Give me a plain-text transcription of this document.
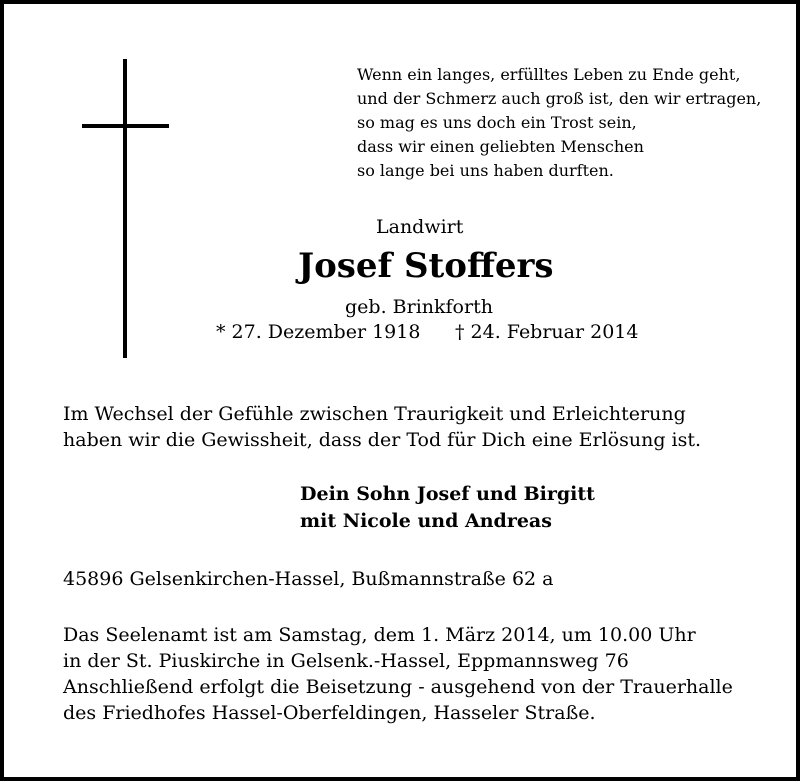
Wenn ein langes, erfülltes Leben zu Ende geht,
und der Schmerz auch groß ist, den wir ertragen,
so mag es uns doch ein Trost sein,
dass wir einen geliebten Menschen
so lange bei uns haben durften.
Landwirt
Josef Stoffers
geb. Brinkforth
* 27. Dezember 1918 † 24. Februar 2014
Im Wechsel der Gefühle zwischen Traurigkeit und Erleichterung
haben wir die Gewissheit, dass der Tod für Dich eine Erlösung ist.
Dein Sohn Josef und Birgitt
mit Nicole und Andreas
45896 Gelsenkirchen-Hassel, Bußmannstraße 62 a
Das Seelenamt ist am Samstag, dem 1. März 2014, um 10.00 Uhr
in der St. Piuskirche in Gelsenk.-Hassel, Eppmannsweg 76
Anschließend erfolgt die Beisetzung - ausgehend von der Trauerhalle
des Friedhofes Hassel-Oberfeldingen, Hasseler Straße.
